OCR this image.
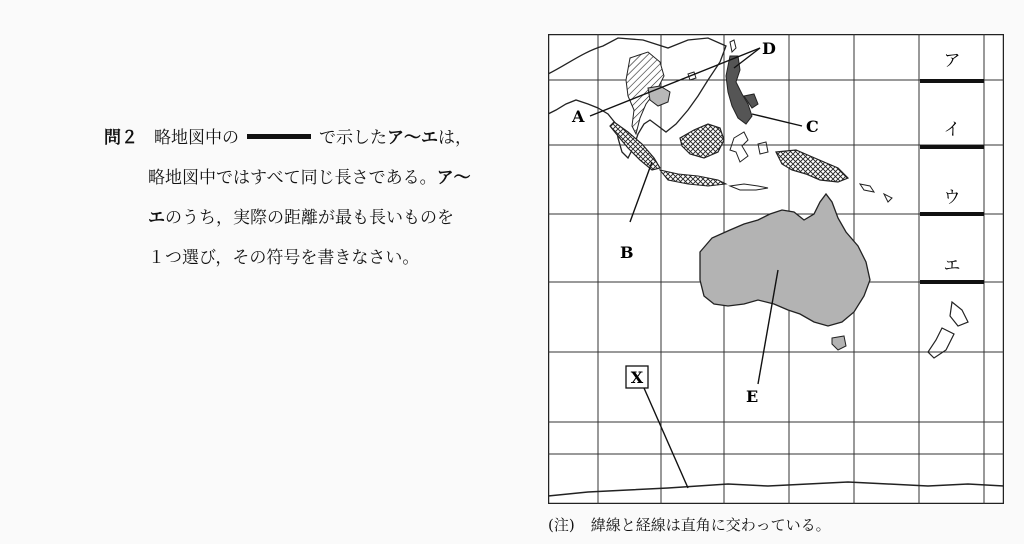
問２ 略地図中の	で示したア〜エは，
略地図中ではすべて同じ長さである。ア〜
エのうち，実際の距離が最も長いものを
１つ選び，その符号を書きなさい。
ア
イ
ウ
エ
A
B
C
D
E
X
(注) 緯線と経線は直角に交わっている。
